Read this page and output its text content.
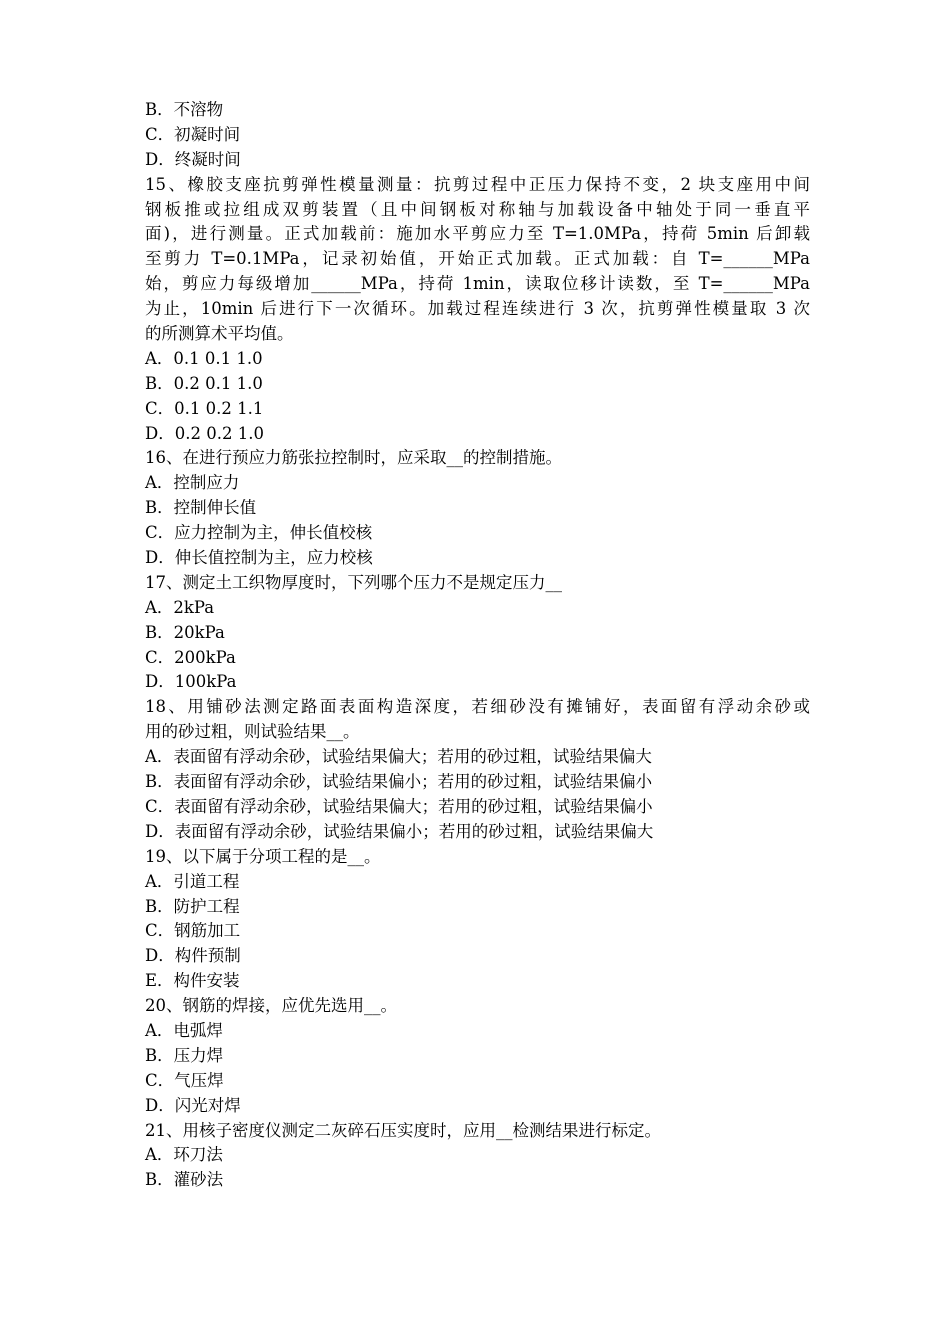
B．不溶物
C．初凝时间
D．终凝时间
15、橡胶支座抗剪弹性模量测量：抗剪过程中正压力保持不变，2 块支座用中间
钢板推或拉组成双剪装置（且中间钢板对称轴与加载设备中轴处于同一垂直平
面)，进行测量。正式加载前：施加水平剪应力至 T=1.0MPa，持荷 5min 后卸载
至剪力 T=0.1MPa，记录初始值，开始正式加载。正式加载：自 T=______MPa
始，剪应力每级增加______MPa，持荷 1min，读取位移计读数，至 T=______MPa
为止，10min 后进行下一次循环。加载过程连续进行 3 次，抗剪弹性模量取 3 次
的所测算术平均值。
A．0.1 0.1 1.0
B．0.2 0.1 1.0
C．0.1 0.2 1.1
D．0.2 0.2 1.0
16、在进行预应力筋张拉控制时，应采取__的控制措施。
A．控制应力
B．控制伸长值
C．应力控制为主，伸长值校核
D．伸长值控制为主，应力校核
17、测定土工织物厚度时，下列哪个压力不是规定压力__
A．2kPa
B．20kPa
C．200kPa
D．100kPa
18、用铺砂法测定路面表面构造深度，若细砂没有摊铺好，表面留有浮动余砂或
用的砂过粗，则试验结果__。
A．表面留有浮动余砂，试验结果偏大；若用的砂过粗，试验结果偏大
B．表面留有浮动余砂，试验结果偏小；若用的砂过粗，试验结果偏小
C．表面留有浮动余砂，试验结果偏大；若用的砂过粗，试验结果偏小
D．表面留有浮动余砂，试验结果偏小；若用的砂过粗，试验结果偏大
19、以下属于分项工程的是__。
A．引道工程
B．防护工程
C．钢筋加工
D．构件预制
E．构件安装
20、钢筋的焊接，应优先选用__。
A．电弧焊
B．压力焊
C．气压焊
D．闪光对焊
21、用核子密度仪测定二灰碎石压实度时，应用__检测结果进行标定。
A．环刀法
B．灌砂法
